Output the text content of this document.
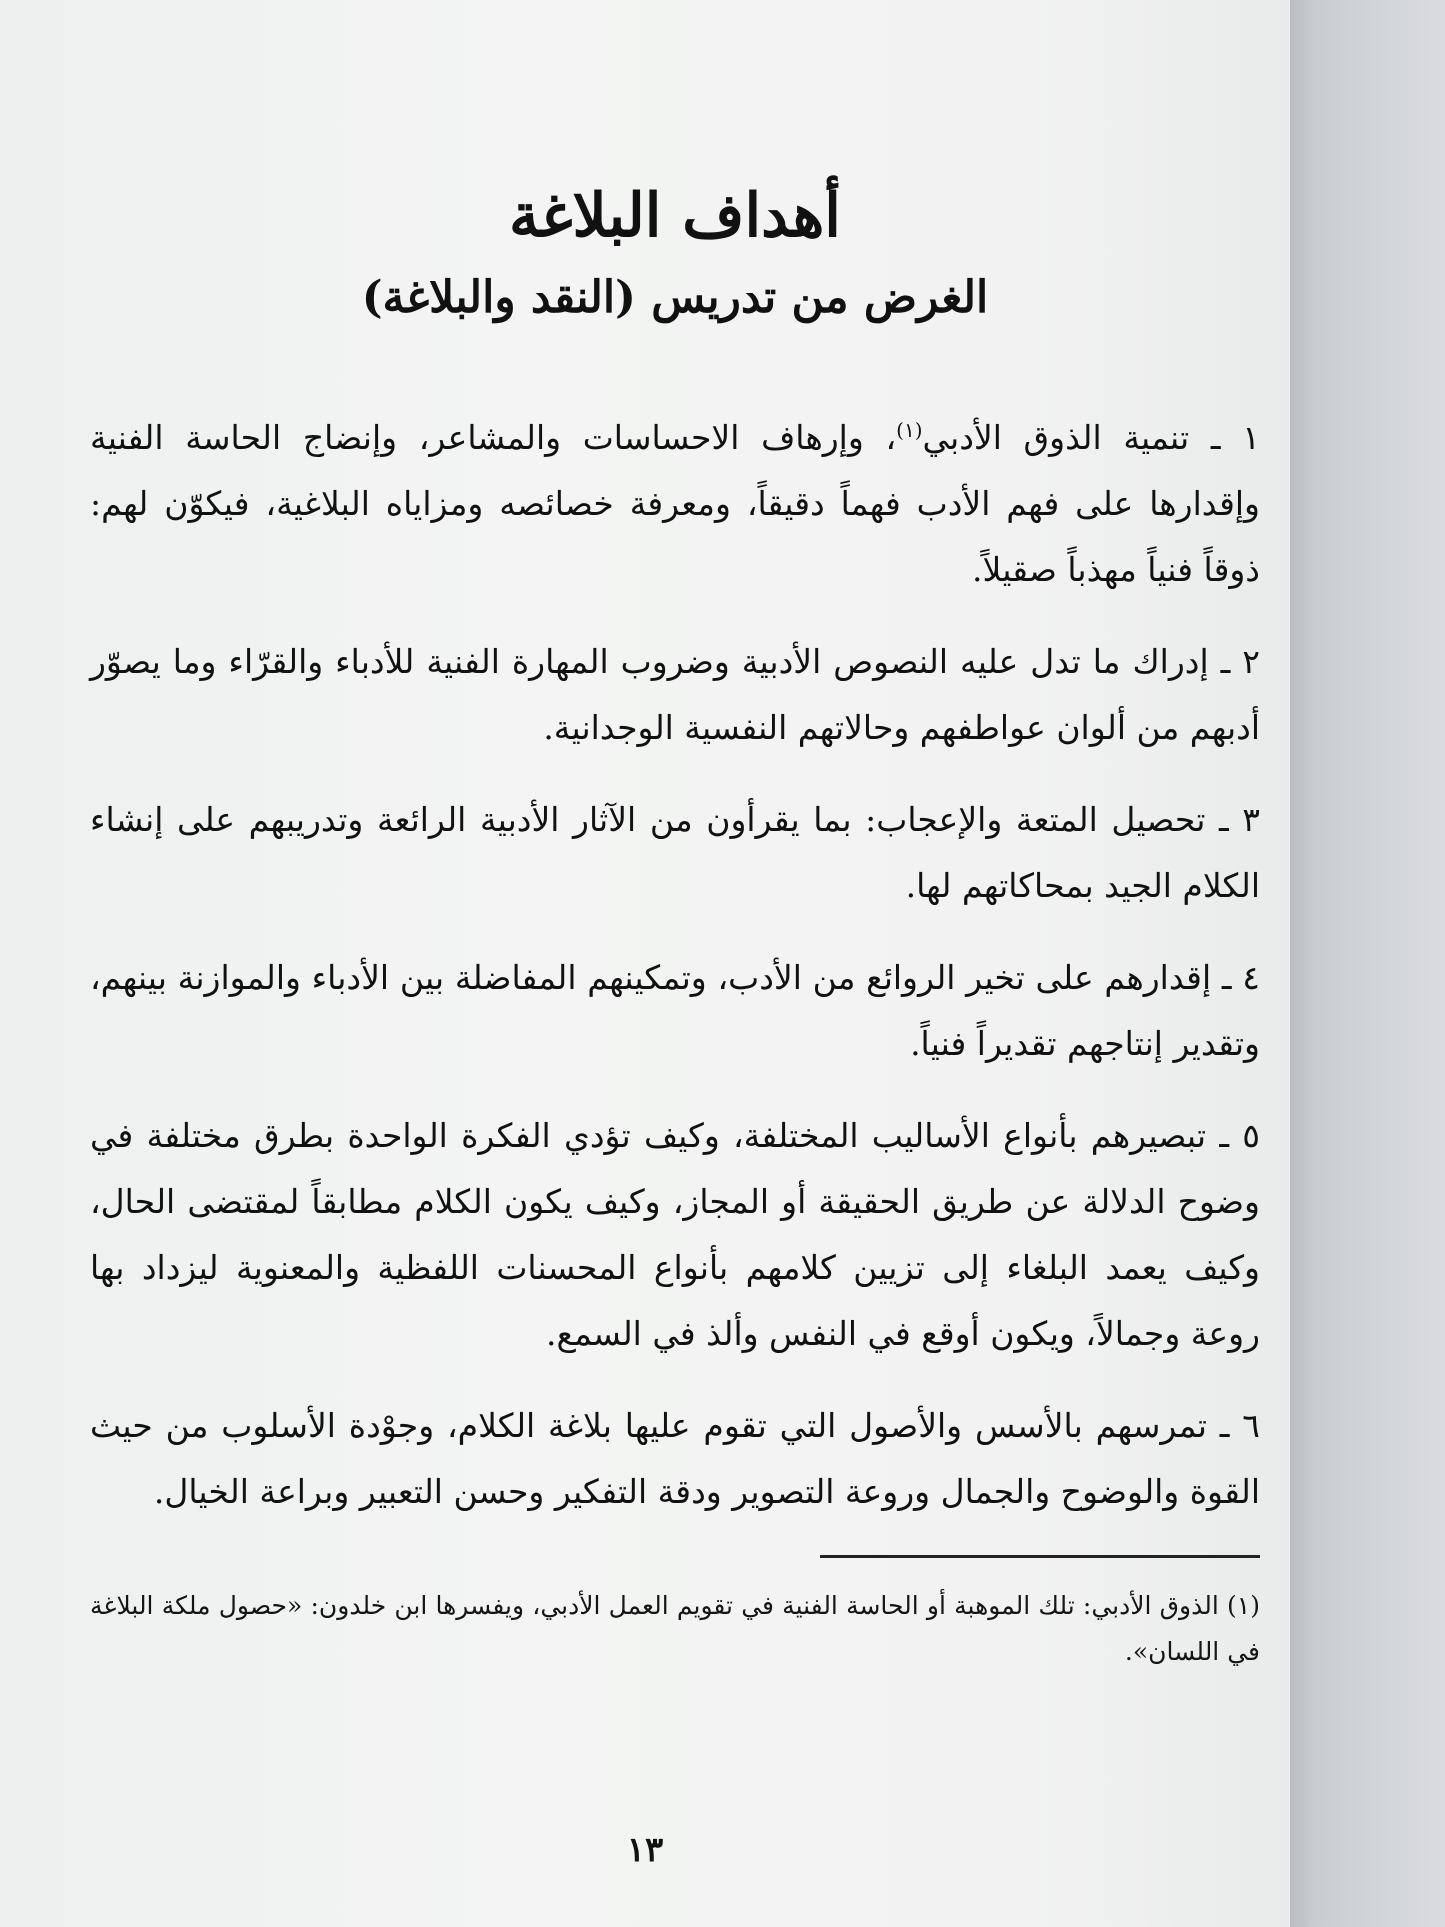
أهداف البلاغة
الغرض من تدريس (النقد والبلاغة)

١ ـ تنمية الذوق الأدبي$^{(١)}$، وإرهاف الاحساسات والمشاعر، وإنضاج الحاسة الفنية وإقدارها على فهم الأدب فهماً دقيقاً، ومعرفة خصائصه ومزاياه البلاغية، فيكوّن لهم: ذوقاً فنياً مهذباً صقيلاً.

٢ ـ إدراك ما تدل عليه النصوص الأدبية وضروب المهارة الفنية للأدباء والقرّاء وما يصوّر أدبهم من ألوان عواطفهم وحالاتهم النفسية الوجدانية.

٣ ـ تحصيل المتعة والإعجاب: بما يقرأون من الآثار الأدبية الرائعة وتدريبهم على إنشاء الكلام الجيد بمحاكاتهم لها.

٤ ـ إقدارهم على تخير الروائع من الأدب، وتمكينهم المفاضلة بين الأدباء والموازنة بينهم، وتقدير إنتاجهم تقديراً فنياً.

٥ ـ تبصيرهم بأنواع الأساليب المختلفة، وكيف تؤدي الفكرة الواحدة بطرق مختلفة في وضوح الدلالة عن طريق الحقيقة أو المجاز، وكيف يكون الكلام مطابقاً لمقتضى الحال، وكيف يعمد البلغاء إلى تزيين كلامهم بأنواع المحسنات اللفظية والمعنوية ليزداد بها روعة وجمالاً، ويكون أوقع في النفس وألذ في السمع.

٦ ـ تمرسهم بالأسس والأصول التي تقوم عليها بلاغة الكلام، وجوْدة الأسلوب من حيث القوة والوضوح والجمال وروعة التصوير ودقة التفكير وحسن التعبير وبراعة الخيال.

(١) الذوق الأدبي: تلك الموهبة أو الحاسة الفنية في تقويم العمل الأدبي، ويفسرها ابن خلدون: «حصول ملكة البلاغة في اللسان».

١٣
